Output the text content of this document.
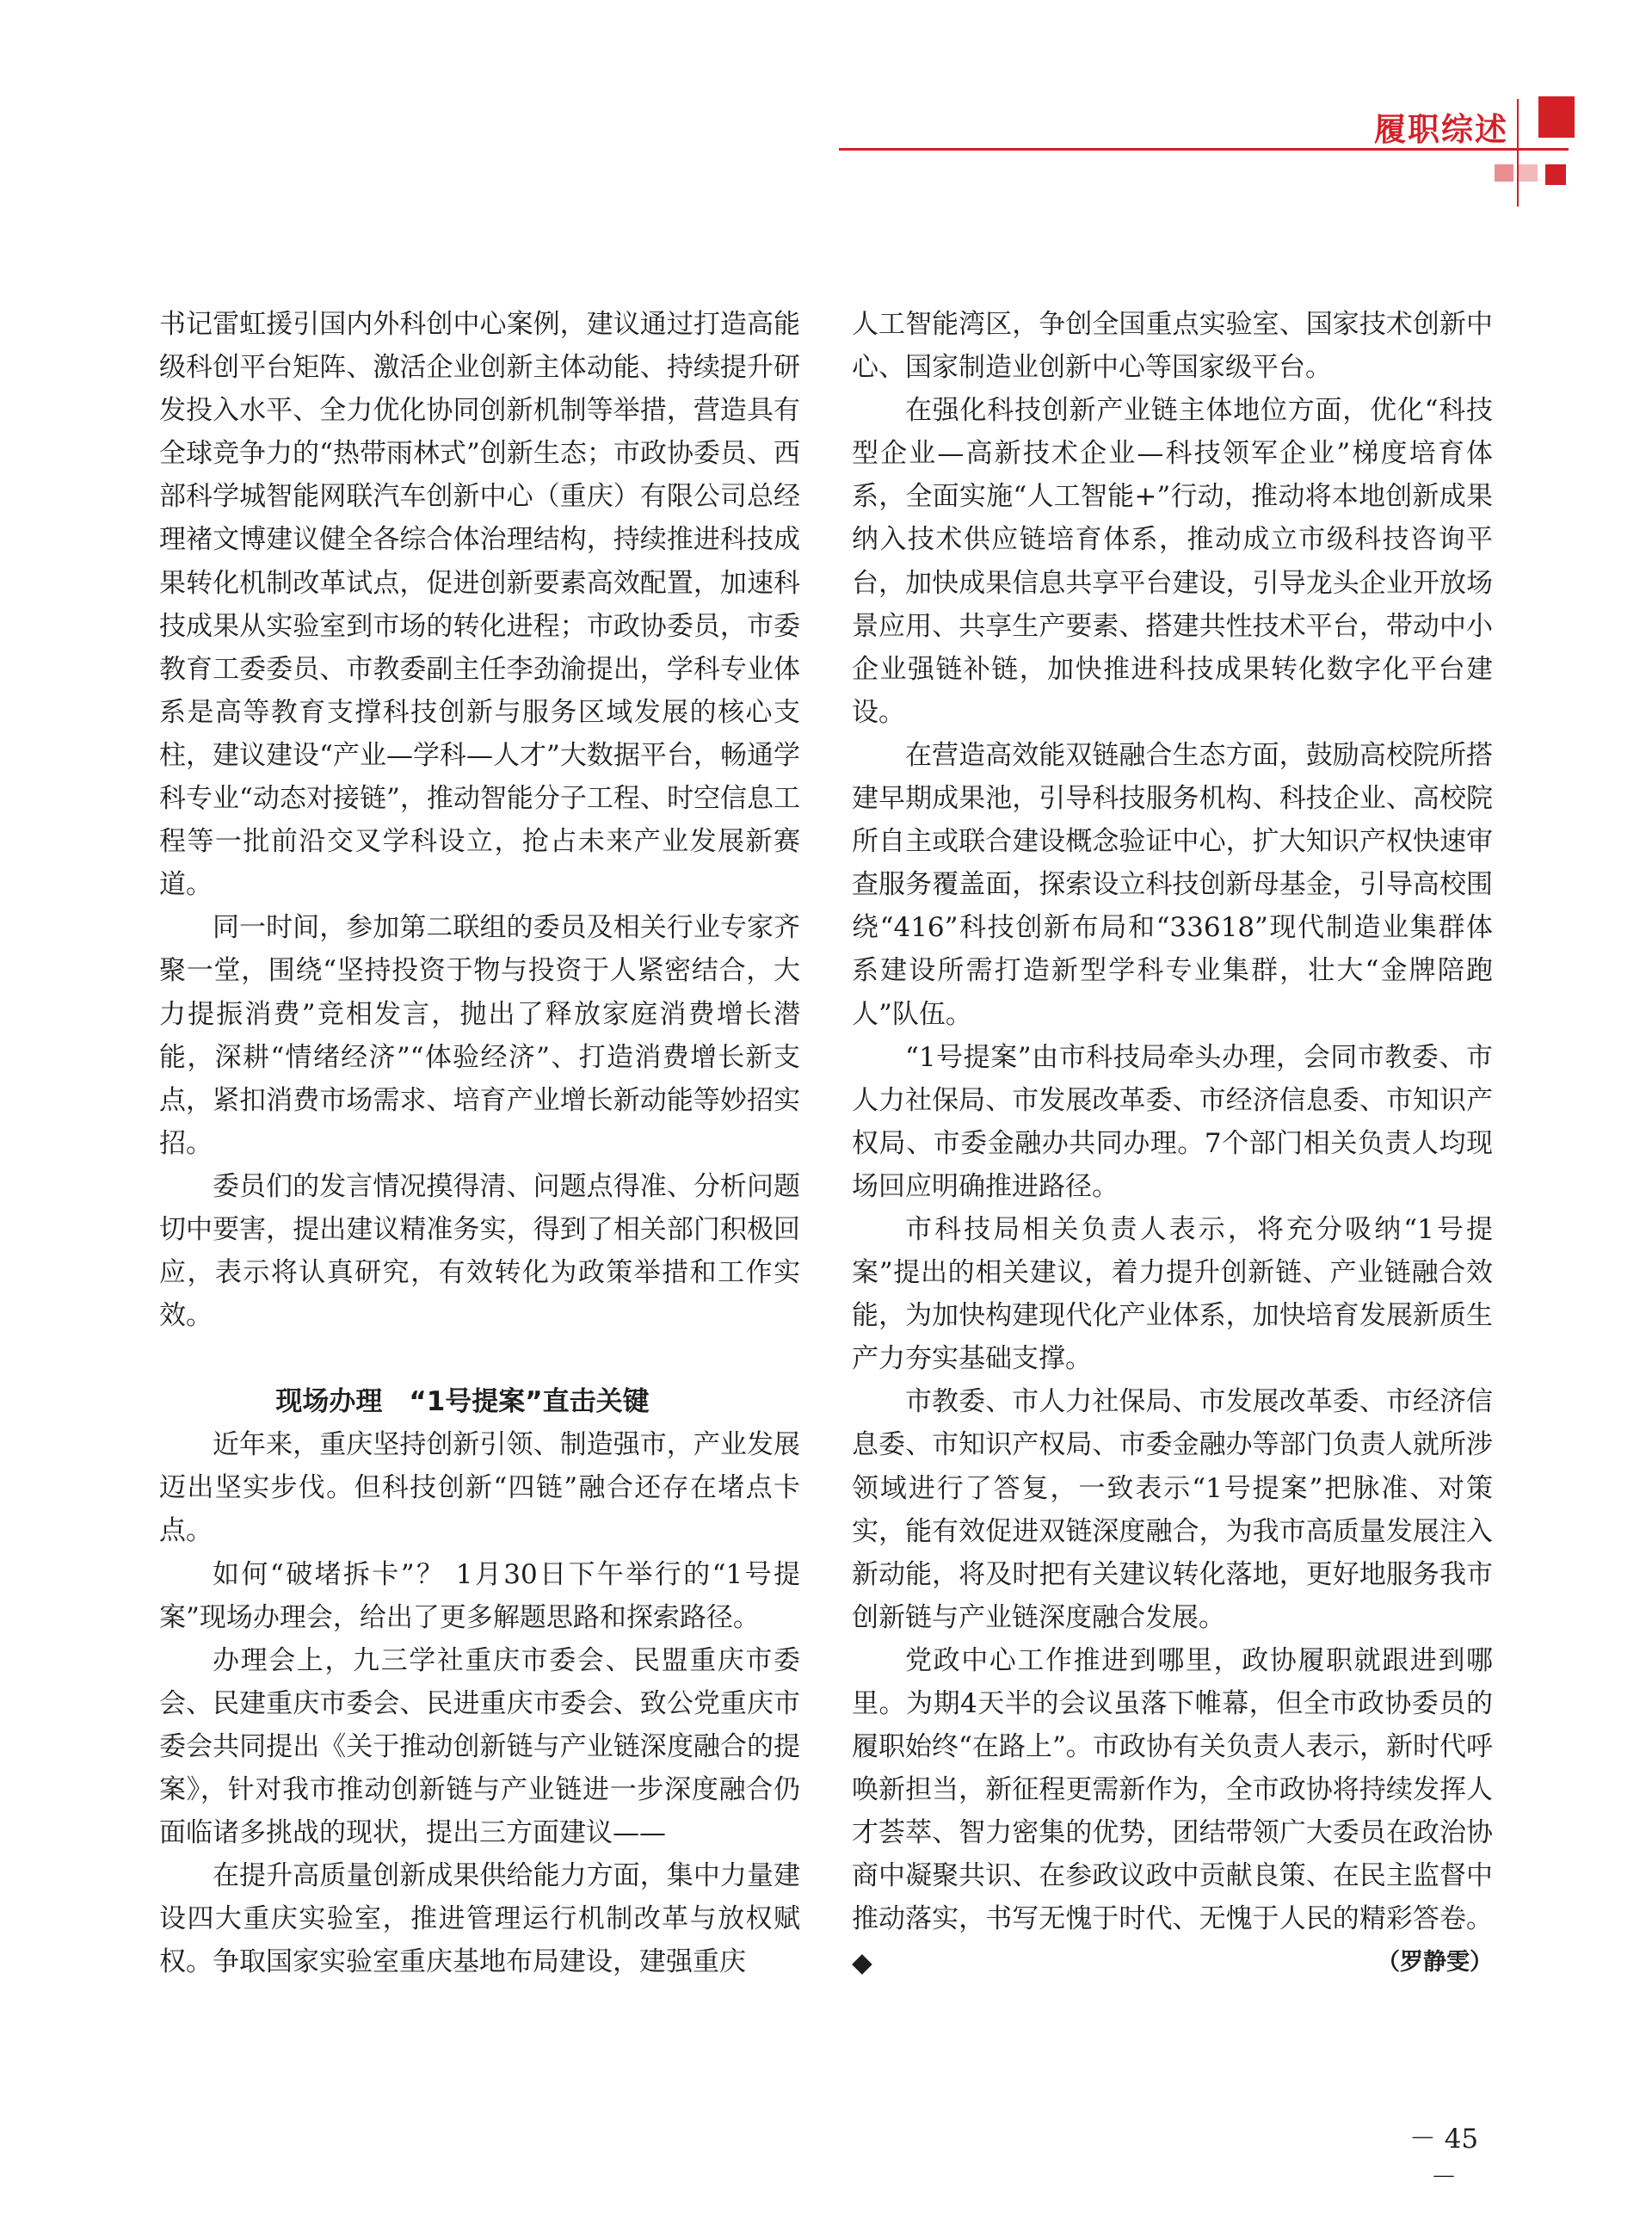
履职综述

书记雷虹援引国内外科创中心案例，建议通过打造高能级科创平台矩阵、激活企业创新主体动能、持续提升研发投入水平、全力优化协同创新机制等举措，营造具有全球竞争力的“热带雨林式”创新生态；市政协委员、西部科学城智能网联汽车创新中心（重庆）有限公司总经理褚文博建议健全各综合体治理结构，持续推进科技成果转化机制改革试点，促进创新要素高效配置，加速科技成果从实验室到市场的转化进程；市政协委员，市委教育工委委员、市教委副主任李劲渝提出，学科专业体系是高等教育支撑科技创新与服务区域发展的核心支柱，建议建设“产业—学科—人才”大数据平台，畅通学科专业“动态对接链”，推动智能分子工程、时空信息工程等一批前沿交叉学科设立，抢占未来产业发展新赛道。

同一时间，参加第二联组的委员及相关行业专家齐聚一堂，围绕“坚持投资于物与投资于人紧密结合，大力提振消费”竞相发言，抛出了释放家庭消费增长潜能，深耕“情绪经济”“体验经济”、打造消费增长新支点，紧扣消费市场需求、培育产业增长新动能等妙招实招。

委员们的发言情况摸得清、问题点得准、分析问题切中要害，提出建议精准务实，得到了相关部门积极回应，表示将认真研究，有效转化为政策举措和工作实效。

现场办理　“1号提案”直击关键

近年来，重庆坚持创新引领、制造强市，产业发展迈出坚实步伐。但科技创新“四链”融合还存在堵点卡点。

如何“破堵拆卡”？ 1月30日下午举行的“1号提案”现场办理会，给出了更多解题思路和探索路径。

办理会上，九三学社重庆市委会、民盟重庆市委会、民建重庆市委会、民进重庆市委会、致公党重庆市委会共同提出《关于推动创新链与产业链深度融合的提案》，针对我市推动创新链与产业链进一步深度融合仍面临诸多挑战的现状，提出三方面建议——

在提升高质量创新成果供给能力方面，集中力量建设四大重庆实验室，推进管理运行机制改革与放权赋权。争取国家实验室重庆基地布局建设，建强重庆

人工智能湾区，争创全国重点实验室、国家技术创新中心、国家制造业创新中心等国家级平台。

在强化科技创新产业链主体地位方面，优化“科技型企业—高新技术企业—科技领军企业”梯度培育体系，全面实施“人工智能+”行动，推动将本地创新成果纳入技术供应链培育体系，推动成立市级科技咨询平台，加快成果信息共享平台建设，引导龙头企业开放场景应用、共享生产要素、搭建共性技术平台，带动中小企业强链补链，加快推进科技成果转化数字化平台建设。

在营造高效能双链融合生态方面，鼓励高校院所搭建早期成果池，引导科技服务机构、科技企业、高校院所自主或联合建设概念验证中心，扩大知识产权快速审查服务覆盖面，探索设立科技创新母基金，引导高校围绕“416”科技创新布局和“33618”现代制造业集群体系建设所需打造新型学科专业集群，壮大“金牌陪跑人”队伍。

“1号提案”由市科技局牵头办理，会同市教委、市人力社保局、市发展改革委、市经济信息委、市知识产权局、市委金融办共同办理。7个部门相关负责人均现场回应明确推进路径。

市科技局相关负责人表示，将充分吸纳“1号提案”提出的相关建议，着力提升创新链、产业链融合效能，为加快构建现代化产业体系，加快培育发展新质生产力夯实基础支撑。

市教委、市人力社保局、市发展改革委、市经济信息委、市知识产权局、市委金融办等部门负责人就所涉领域进行了答复，一致表示“1号提案”把脉准、对策实，能有效促进双链深度融合，为我市高质量发展注入新动能，将及时把有关建议转化落地，更好地服务我市创新链与产业链深度融合发展。

党政中心工作推进到哪里，政协履职就跟进到哪里。为期4天半的会议虽落下帷幕，但全市政协委员的履职始终“在路上”。市政协有关负责人表示，新时代呼唤新担当，新征程更需新作为，全市政协将持续发挥人才荟萃、智力密集的优势，团结带领广大委员在政治协商中凝聚共识、在参政议政中贡献良策、在民主监督中推动落实，书写无愧于时代、无愧于人民的精彩答卷。◆	（罗静雯）

－ 45 －
